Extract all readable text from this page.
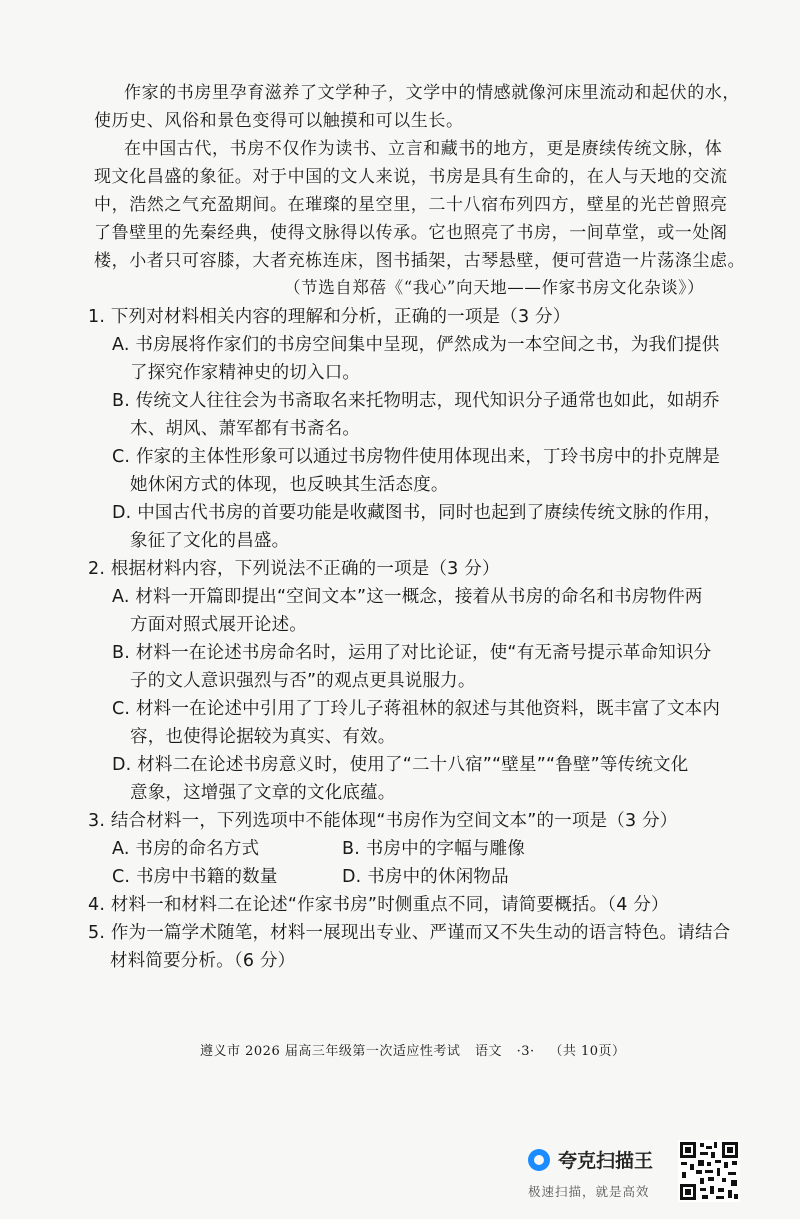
作家的书房里孕育滋养了文学种子，文学中的情感就像河床里流动和起伏的水，
使历史、风俗和景色变得可以触摸和可以生长。
在中国古代，书房不仅作为读书、立言和藏书的地方，更是赓续传统文脉，体
现文化昌盛的象征。对于中国的文人来说，书房是具有生命的，在人与天地的交流
中，浩然之气充盈期间。在璀璨的星空里，二十八宿布列四方，壁星的光芒曾照亮
了鲁壁里的先秦经典，使得文脉得以传承。它也照亮了书房，一间草堂，或一处阁
楼，小者只可容膝，大者充栋连床，图书插架，古琴悬壁，便可营造一片荡涤尘虑。
（节选自郑蓓《“我心”向天地——作家书房文化杂谈》）
1. 下列对材料相关内容的理解和分析，正确的一项是（3 分）
A. 书房展将作家们的书房空间集中呈现，俨然成为一本空间之书，为我们提供
了探究作家精神史的切入口。
B. 传统文人往往会为书斋取名来托物明志，现代知识分子通常也如此，如胡乔
木、胡风、萧军都有书斋名。
C. 作家的主体性形象可以通过书房物件使用体现出来，丁玲书房中的扑克牌是
她休闲方式的体现，也反映其生活态度。
D. 中国古代书房的首要功能是收藏图书，同时也起到了赓续传统文脉的作用，
象征了文化的昌盛。
2. 根据材料内容，下列说法不正确的一项是（3 分）
A. 材料一开篇即提出“空间文本”这一概念，接着从书房的命名和书房物件两
方面对照式展开论述。
B. 材料一在论述书房命名时，运用了对比论证，使“有无斋号提示革命知识分
子的文人意识强烈与否”的观点更具说服力。
C. 材料一在论述中引用了丁玲儿子蒋祖林的叙述与其他资料，既丰富了文本内
容，也使得论据较为真实、有效。
D. 材料二在论述书房意义时，使用了“二十八宿”“壁星”“鲁壁”等传统文化
意象，这增强了文章的文化底蕴。
3. 结合材料一，下列选项中不能体现“书房作为空间文本”的一项是（3 分）
A. 书房的命名方式	B. 书房中的字幅与雕像
C. 书房中书籍的数量	D. 书房中的休闲物品
4. 材料一和材料二在论述“作家书房”时侧重点不同，请简要概括。（4 分）
5. 作为一篇学术随笔，材料一展现出专业、严谨而又不失生动的语言特色。请结合
材料简要分析。（6 分）
遵义市 2026 届高三年级第一次适应性考试 语文 ·3· （共 10页）
夸克扫描王
极速扫描，就是高效
